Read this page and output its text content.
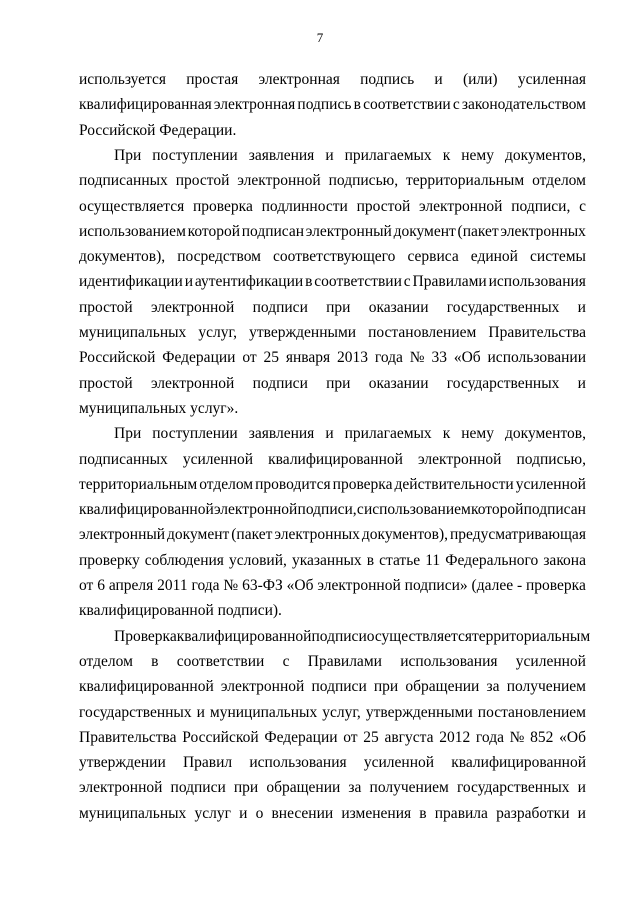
7
используется простая электронная подпись и (или) усиленная
квалифицированная электронная подпись в соответствии с законодательством
Российской Федерации.
При поступлении заявления и прилагаемых к нему документов,
подписанных простой электронной подписью, территориальным отделом
осуществляется проверка подлинности простой электронной подписи, с
использованием которой подписан электронный документ (пакет электронных
документов), посредством соответствующего сервиса единой системы
идентификации и аутентификации в соответствии с Правилами использования
простой электронной подписи при оказании государственных и
муниципальных услуг, утвержденными постановлением Правительства
Российской Федерации от 25 января 2013 года № 33 «Об использовании
простой электронной подписи при оказании государственных и
муниципальных услуг».
При поступлении заявления и прилагаемых к нему документов,
подписанных усиленной квалифицированной электронной подписью,
территориальным отделом проводится проверка действительности усиленной
квалифицированной электронной подписи, с использованием которой подписан
электронный документ (пакет электронных документов), предусматривающая
проверку соблюдения условий, указанных в статье 11 Федерального закона
от 6 апреля 2011 года № 63-ФЗ «Об электронной подписи» (далее - проверка
квалифицированной подписи).
Проверка квалифицированной подписи осуществляется территориальным
отделом в соответствии с Правилами использования усиленной
квалифицированной электронной подписи при обращении за получением
государственных и муниципальных услуг, утвержденными постановлением
Правительства Российской Федерации от 25 августа 2012 года № 852 «Об
утверждении Правил использования усиленной квалифицированной
электронной подписи при обращении за получением государственных и
муниципальных услуг и о внесении изменения в правила разработки и
